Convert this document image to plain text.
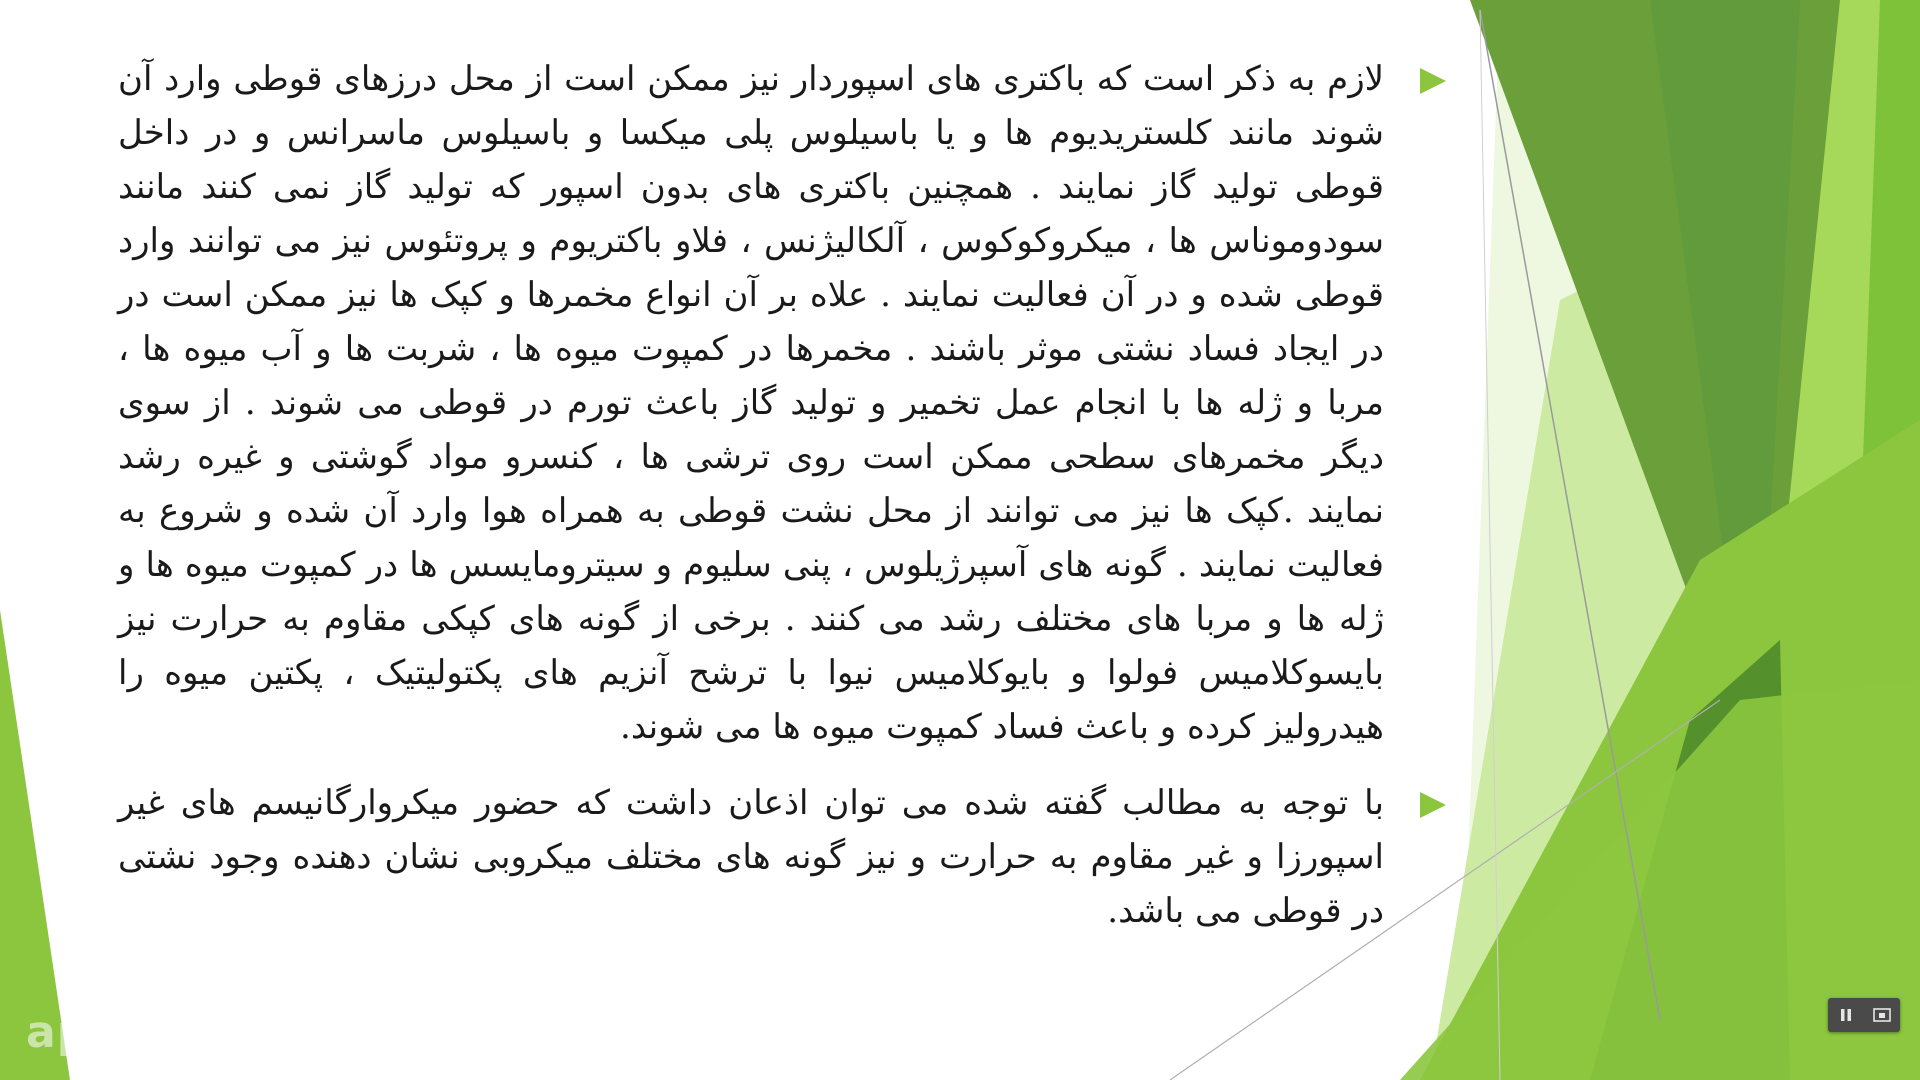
لازم به ذکر است که باکتری های اسپوردار نیز ممکن است از محل درزهای قوطی وارد آن شوند مانند کلستریدیوم ها و یا باسیلوس پلی میکسا و باسیلوس ماسرانس و در داخل قوطی تولید گاز نمایند . همچنین باکتری های بدون اسپور که تولید گاز نمی کنند مانند سودوموناس ها ، میکروکوکوس ، آلکالیژنس ، فلاو باکتریوم و پروتئوس نیز می توانند وارد قوطی شده و در آن فعالیت نمایند . علاه بر آن انواع مخمرها و کپک ها نیز ممکن است در در ایجاد فساد نشتی موثر باشند . مخمرها در کمپوت میوه ها ، شربت ها و آب میوه ها ، مربا و ژله ها با انجام عمل تخمیر و تولید گاز باعث تورم در قوطی می شوند . از سوی دیگر مخمرهای سطحی ممکن است روی ترشی ها ، کنسرو مواد گوشتی و غیره رشد نمایند .کپک ها نیز می توانند از محل نشت قوطی به همراه هوا وارد آن شده و شروع به فعالیت نمایند . گونه های آسپرژیلوس ، پنی سلیوم و سیترومایسس ها در کمپوت میوه ها و ژله ها و مربا های مختلف رشد می کنند . برخی از گونه های کپکی مقاوم به حرارت نیز بایسوکلامیس فولوا و بایوکلامیس نیوا با ترشح آنزیم های پکتولیتیک ، پکتین میوه را هیدرولیز کرده و باعث فساد کمپوت میوه ها می شوند.
با توجه به مطالب گفته شده می توان اذعان داشت که حضور میکروارگانیسم های غیر اسپورزا و غیر مقاوم به حرارت و نیز گونه های مختلف میکروبی نشان دهنده وجود نشتی در قوطی می باشد.
ap
